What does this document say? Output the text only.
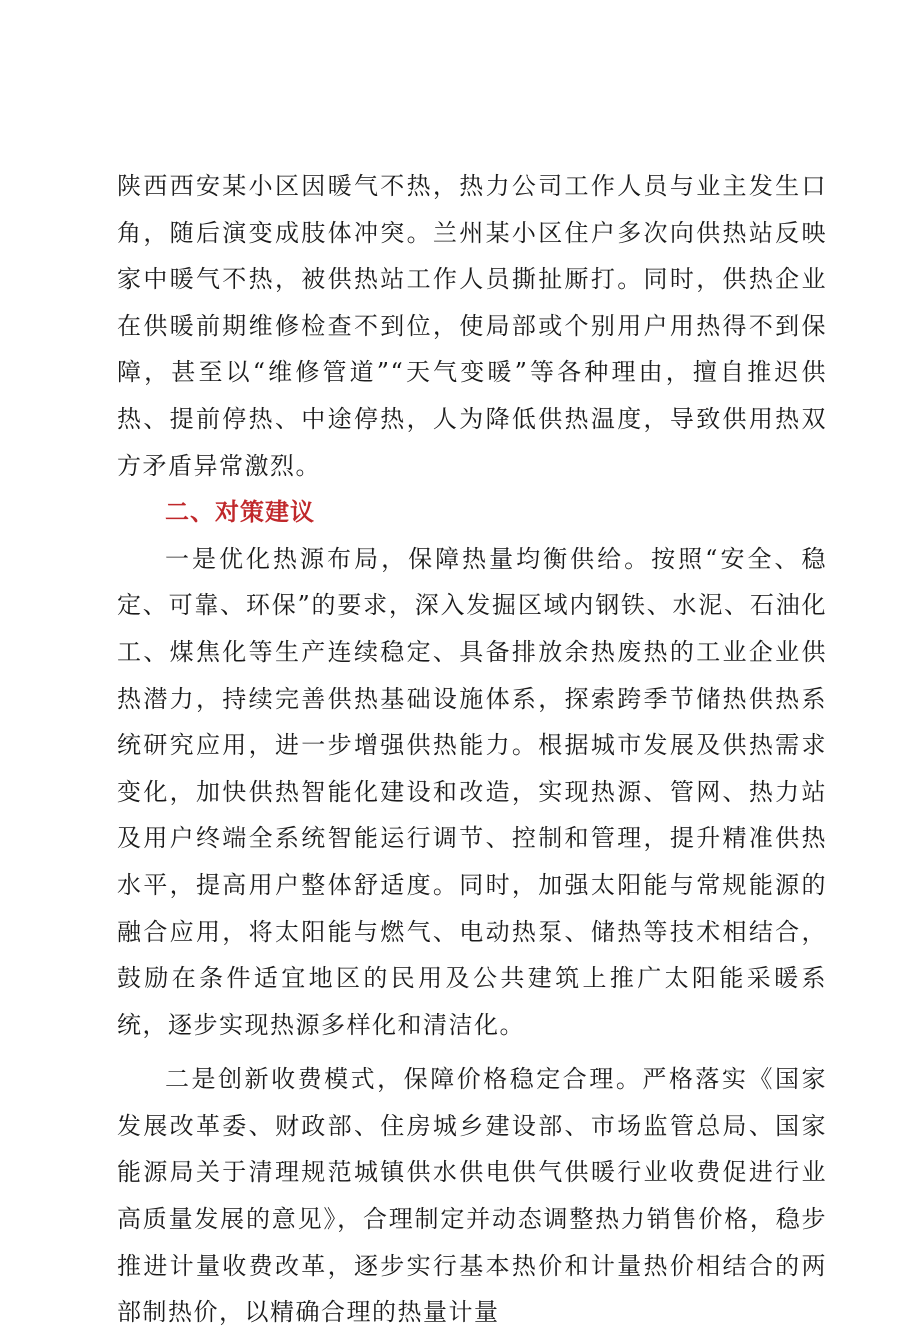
陕西西安某小区因暖气不热，热力公司工作人员与业主发生口角，随后演变成肢体冲突。兰州某小区住户多次向供热站反映家中暖气不热，被供热站工作人员撕扯厮打。同时，供热企业在供暖前期维修检查不到位，使局部或个别用户用热得不到保障，甚至以“维修管道”“天气变暖”等各种理由，擅自推迟供热、提前停热、中途停热，人为降低供热温度，导致供用热双方矛盾异常激烈。

二、对策建议

一是优化热源布局，保障热量均衡供给。按照“安全、稳定、可靠、环保”的要求，深入发掘区域内钢铁、水泥、石油化工、煤焦化等生产连续稳定、具备排放余热废热的工业企业供热潜力，持续完善供热基础设施体系，探索跨季节储热供热系统研究应用，进一步增强供热能力。根据城市发展及供热需求变化，加快供热智能化建设和改造，实现热源、管网、热力站及用户终端全系统智能运行调节、控制和管理，提升精准供热水平，提高用户整体舒适度。同时，加强太阳能与常规能源的融合应用，将太阳能与燃气、电动热泵、储热等技术相结合，鼓励在条件适宜地区的民用及公共建筑上推广太阳能采暖系统，逐步实现热源多样化和清洁化。

二是创新收费模式，保障价格稳定合理。严格落实《国家发展改革委、财政部、住房城乡建设部、市场监管总局、国家能源局关于清理规范城镇供水供电供气供暖行业收费促进行业高质量发展的意见》，合理制定并动态调整热力销售价格，稳步推进计量收费改革，逐步实行基本热价和计量热价相结合的两部制热价，以精确合理的热量计量
